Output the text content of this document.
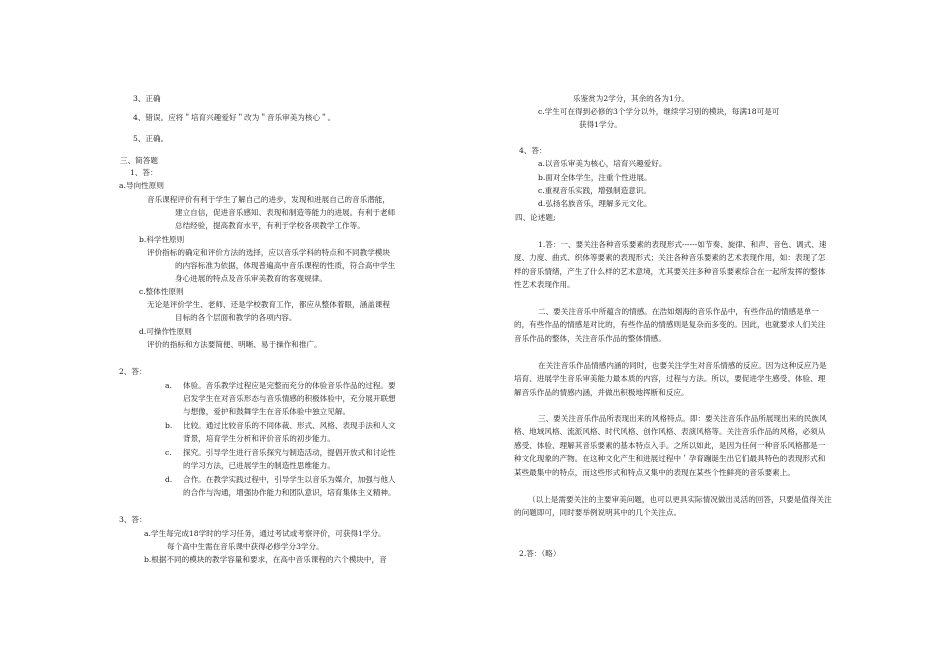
3、正确
4、错误。应将＂培育兴趣爱好＂改为＂音乐审美为核心＂。
5、正确。
三、简答题
1、答：
a.导向性原则
音乐课程评价有利于学生了解自己的进步，发现和进展自己的音乐潜能，
建立自信，促进音乐感知、表现和制造等能力的进展。有利于老师
总结经验，提高教育水平，有利于学校各项教学工作等。
b.科学性原则
评价指标的确定和评价方法的选择，应以音乐学科的特点和不同教学模块
的内容标准为依据，体现普遍高中音乐课程的性质，符合高中学生
身心进展的特点及音乐审美教育的客观规律。
c.整体性原则
无论是评价学生、老师、还是学校教育工作，都应从整体着眼，涵盖课程
目标的各个层面和教学的各项内容。
d.可操作性原则
评价的指标和方法要简便、明晰、易于操作和推广。
2、答：
a. 体验。音乐教学过程应是完整而充分的体验音乐作品的过程。要
启发学生在对音乐形态与音乐情感的积极体验中，充分展开联想
与想像，爱护和鼓舞学生在音乐体验中独立见解。
b. 比较。通过比较音乐的不同体裁、形式、风格、表现手法和人文
背景，培育学生分析和评价音乐的初步能力。
c. 探究。引导学生进行音乐探究与制造活动，提倡开放式和讨论性
的学习方法，已进展学生的制造性思维能力。
d. 合作。在教学实践过程中，引导学生以音乐为媒介，加强与他人
的合作与沟通，增强协作能力和团队意识，培育集体主义精神。
3、答：
a.学生每完成18学时的学习任务，通过考试或考察评价，可获得1学分。
每个高中生需在音乐课中获得必修学分3学分。
b.根据不同的模块的教学容量和要求，在高中音乐课程的六个模块中，音
乐鉴赏为2学分，其余的各为1分。
c.学生可在得到必修的3个学分以外，继续学习别的模块，每满18可是可
获得1学分。
4、答：
a.以音乐审美为核心，培育兴趣爱好。
b.面对全体学生，注重个性进展。
c.重视音乐实践，增强制造意识。
d.弘扬名族音乐，理解多元文化。
四、论述题;
1.答：一、要关注各种音乐要素的表现形式------如节奏、旋律、和声、音色、调式、速度、力度、曲式、织体等要素的表现形式；关注各种音乐要素的艺术表现作用，如：表现了怎样的音乐情绪，产生了什么样的艺术意境，尤其要关注多种音乐要素综合在一起所发挥的整体性艺术表现作用。
二、要关注音乐中所蕴含的情感。在浩如烟海的音乐作品中，有些作品的情感是单一的，有些作品的情感是对比的，有些作品的情感则是复杂而多变的。因此，也就要求人们关注音乐作品的整体，关注音乐作品的整体情感。
在关注音乐作品情感内涵的同时，也要关注学生对音乐情感的反应。因为这种反应乃是培育、进展学生音乐审美能力最本质的内容，过程与方法。所以，要促进学生感受、体验、理解音乐作品的情感内涵，并做出积极地挥断和反应。
三、要关注音乐作品所表现出来的风格特点。即：要关注音乐作品所展现出来的民族风格、地域风格、流派风格、时代风格、创作风格、表演风格等。关注音乐作品的风格，必须从感受、体验、理解其音乐要素的基本特点入手。之所以如此，是因为任何一种音乐风格都是一种文化现象的产物。在这种文化产生和进展过程中＇孕育蹦诞生出它们最具特色的表现形式和某些最集中的特点，而这些形式和特点又集中的表现在某些个性鲜亮的音乐要素上。
（以上是需要关注的主要审美问题，也可以更具实际情况做出灵活的回答，只要是值得关注的问题即可，同时要举例说明其中的几个关注点。
2.答：（略）
